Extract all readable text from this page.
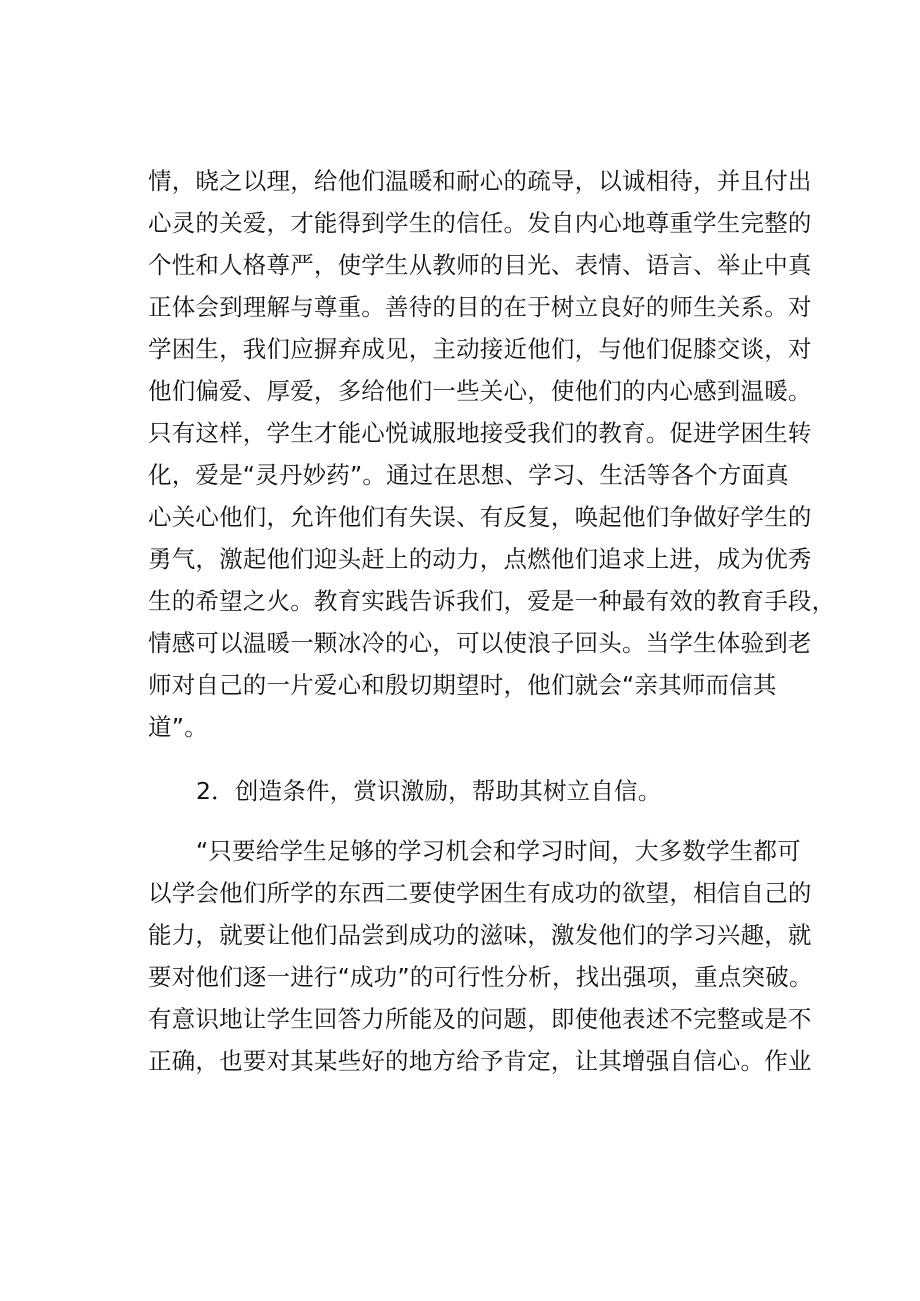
情，晓之以理，给他们温暖和耐心的疏导，以诚相待，并且付出
心灵的关爱，才能得到学生的信任。发自内心地尊重学生完整的
个性和人格尊严，使学生从教师的目光、表情、语言、举止中真
正体会到理解与尊重。善待的目的在于树立良好的师生关系。对
学困生，我们应摒弃成见，主动接近他们，与他们促膝交谈，对
他们偏爱、厚爱，多给他们一些关心，使他们的内心感到温暖。
只有这样，学生才能心悦诚服地接受我们的教育。促进学困生转
化，爱是“灵丹妙药”。通过在思想、学习、生活等各个方面真
心关心他们，允许他们有失误、有反复，唤起他们争做好学生的
勇气，激起他们迎头赶上的动力，点燃他们追求上进，成为优秀
生的希望之火。教育实践告诉我们，爱是一种最有效的教育手段，
情感可以温暖一颗冰冷的心，可以使浪子回头。当学生体验到老
师对自己的一片爱心和殷切期望时，他们就会“亲其师而信其
道”。
2．创造条件，赏识激励，帮助其树立自信。
“只要给学生足够的学习机会和学习时间，大多数学生都可
以学会他们所学的东西二要使学困生有成功的欲望，相信自己的
能力，就要让他们品尝到成功的滋味，激发他们的学习兴趣，就
要对他们逐一进行“成功”的可行性分析，找出强项，重点突破。
有意识地让学生回答力所能及的问题，即使他表述不完整或是不
正确，也要对其某些好的地方给予肯定，让其增强自信心。作业
